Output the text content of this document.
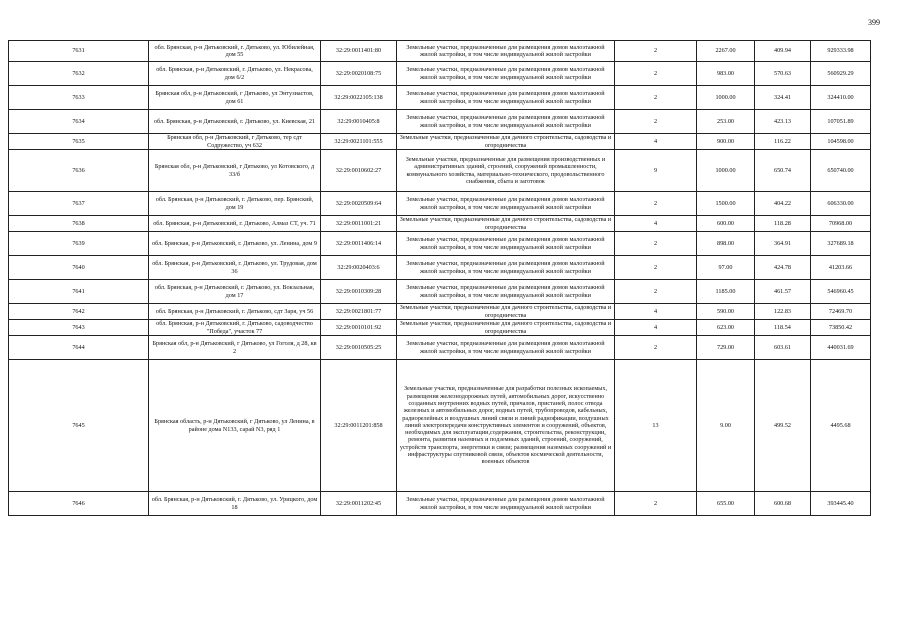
399
7631	обл. Брянская, р-н Дятьковский, г. Дятьково, ул. Юбилейная, дом 55	32:29:0011401:80	Земельные участки, предназначенные для размещения домов малоэтажной жилой застройки, в том числе индивидуальной жилой застройки	2	2267.00	409.94	929333.98
7632	обл. Брянская, р-н Дятьковский, г. Дятьково, ул. Некрасова, дом 6/2	32:29:0020108:75	Земельные участки, предназначенные для размещения домов малоэтажной жилой застройки, в том числе индивидуальной жилой застройки	2	983.00	570.63	560929.29
7633	Брянская обл, р-н Дятьковский, г Дятьково, ул Энтузиастов, дом 61	32:29:0022105:138	Земельные участки, предназначенные для размещения домов малоэтажной жилой застройки, в том числе индивидуальной жилой застройки	2	1000.00	324.41	324410.00
7634	обл. Брянская, р-н Дятьковский, г. Дятьково, ул. Киевская, 21	32:29:0010405:8	Земельные участки, предназначенные для размещения домов малоэтажной жилой застройки, в том числе индивидуальной жилой застройки	2	253.00	423.13	107051.89
7635	Брянская обл, р-н Дятьковский, г Дятьково, тер сдт Содружество, уч 632	32:29:0021101:555	Земельные участки, предназначенные для дачного строительства, садоводства и огородничества	4	900.00	116.22	104598.00
7636	Брянская обл, р-н Дятьковский, г Дятьково, ул Котовского, д 33/б	32:29:0010602:27	Земельные участки, предназначенные для размещения производственных и административных зданий, строений, сооружений промышленности, коммунального хозяйства, материально-технического, продовольственного снабжения, сбыта и заготовок	9	1000.00	650.74	650740.00
7637	обл. Брянская, р-н Дятьковский, г. Дятьково, пер. Брянский, дом 19	32:29:0020509:64	Земельные участки, предназначенные для размещения домов малоэтажной жилой застройки, в том числе индивидуальной жилой застройки	2	1500.00	404.22	606330.00
7638	обл. Брянская, р-н Дятьковский, г. Дятьково, Алмаз СТ, уч. 71	32:29:0011001:21	Земельные участки, предназначенные для дачного строительства, садоводства и огородничества	4	600.00	118.28	70968.00
7639	обл. Брянская, р-н Дятьковский, г. Дятьково, ул. Ленина, дом 9	32:29:0011406:14	Земельные участки, предназначенные для размещения домов малоэтажной жилой застройки, в том числе индивидуальной жилой застройки	2	898.00	364.91	327689.18
7640	обл. Брянская, р-н Дятьковский, г. Дятьково, ул. Трудовая, дом 36	32:29:0020403:6	Земельные участки, предназначенные для размещения домов малоэтажной жилой застройки, в том числе индивидуальной жилой застройки	2	97.00	424.78	41203.66
7641	обл. Брянская, р-н Дятьковский, г. Дятьково, ул. Вокзальная, дом 17	32:29:0010309:28	Земельные участки, предназначенные для размещения домов малоэтажной жилой застройки, в том числе индивидуальной жилой застройки	2	1185.00	461.57	546960.45
7642	обл. Брянская, р-н Дятьковский, г. Дятьково, сдт Заря, уч 56	32:29:0021801:77	Земельные участки, предназначенные для дачного строительства, садоводства и огородничества	4	590.00	122.83	72469.70
7643	обл. Брянская, р-н Дятьковский, г. Дятьково, садоводчество "Победа", участок 77	32:29:0010101:92	Земельные участки, предназначенные для дачного строительства, садоводства и огородничества	4	623.00	118.54	73850.42
7644	Брянская обл, р-н Дятьковский, г Дятьково, ул Гоголя, д 28, кв 2	32:29:0010505:25	Земельные участки, предназначенные для размещения домов малоэтажной жилой застройки, в том числе индивидуальной жилой застройки	2	729.00	603.61	440031.69
7645	Брянская область, р-н Дятьковский, г Дятьково, ул Ленина, в районе дома N133, сарай N3, ряд 1	32:29:0011201:858	Земельные участки, предназначенные для разработки полезных ископаемых, размещения железнодорожных путей, автомобильных дорог, искусственно созданных внутренних водных путей, причалов, пристаней, полос отвода железных и автомобильных дорог, водных путей, трубопроводов, кабельных, радиорелейных и воздушных линий связи и линий радиофикации, воздушных линий электропередачи конструктивных элементов и сооружений, объектов, необходимых для эксплуатации,содержания, строительства, реконструкции, ремонта, развития наземных и подземных зданий, строений, сооружений, устройств транспорта, энергетики и связи; размещения наземных сооружений и инфраструктуры спутниковой связи, объектов космической деятельности, военных объектов	13	9.00	499.52	4495.68
7646	обл. Брянская, р-н Дятьковский, г. Дятьково, ул. Урицкого, дом 18	32:29:0011202:45	Земельные участки, предназначенные для размещения домов малоэтажной жилой застройки, в том числе индивидуальной жилой застройки	2	655.00	600.68	393445.40
